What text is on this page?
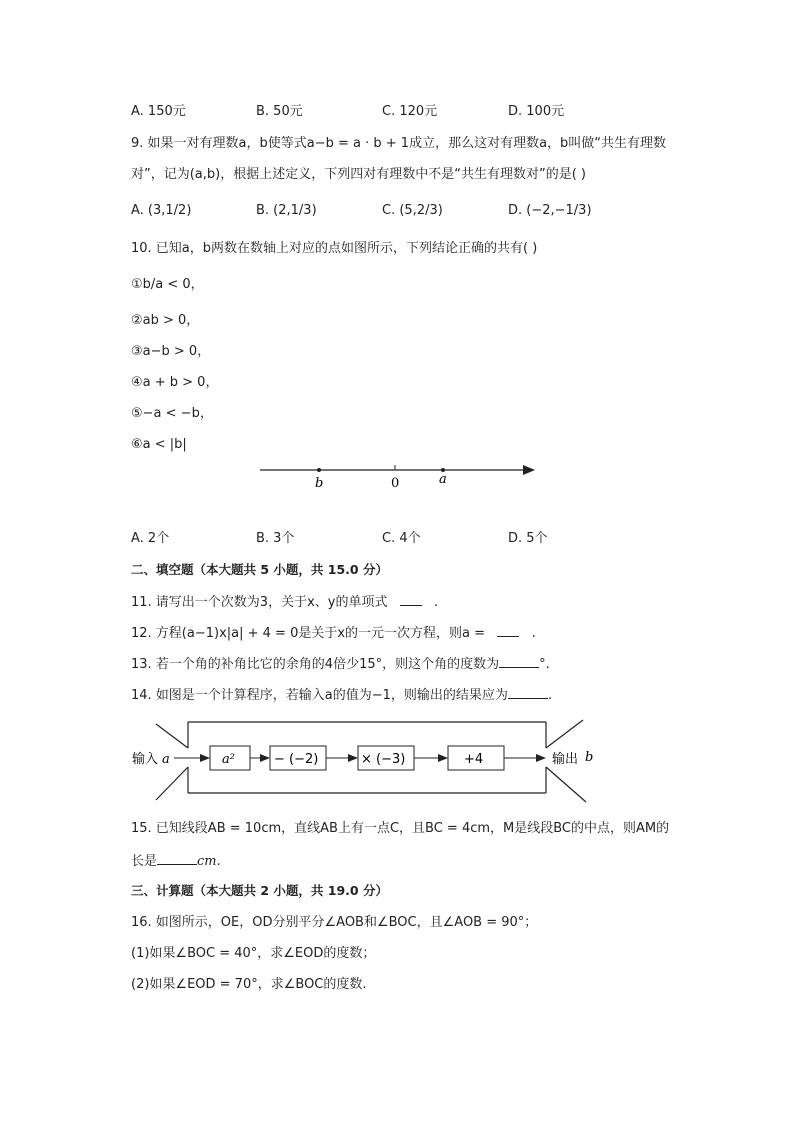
A. 150元	B. 50元	C. 120元	D. 100元
9. 如果一对有理数a，b使等式a−b = a · b + 1成立，那么这对有理数a，b叫做“共生有理数
对”，记为(a,b)，根据上述定义，下列四对有理数中不是“共生有理数对”的是( )
A. (3,1/2)	B. (2,1/3)	C. (5,2/3)	D. (−2,−1/3)
10. 已知a，b两数在数轴上对应的点如图所示，下列结论正确的共有( )
①b/a < 0，
②ab > 0，
③a−b > 0，
④a + b > 0，
⑤−a < −b，
⑥a < |b|
b	0	a
A. 2个	B. 3个	C. 4个	D. 5个
二、填空题（本大题共 5 小题，共 15.0 分）
11. 请写出一个次数为3，关于x、y的单项式	.
12. 方程(a−1)x|a| + 4 = 0是关于x的一元一次方程，则a =	.
13. 若一个角的补角比它的余角的4倍少15°，则这个角的度数为	°.
14. 如图是一个计算程序，若输入a的值为−1，则输出的结果应为	.
输入 a	a²	− (−2)	× (−3)	+4	输出 b
15. 已知线段AB = 10cm，直线AB上有一点C，且BC = 4cm，M是线段BC的中点，则AM的
长是	cm.
三、计算题（本大题共 2 小题，共 19.0 分）
16. 如图所示，OE，OD分别平分∠AOB和∠BOC，且∠AOB = 90°；
(1)如果∠BOC = 40°，求∠EOD的度数；
(2)如果∠EOD = 70°，求∠BOC的度数.
